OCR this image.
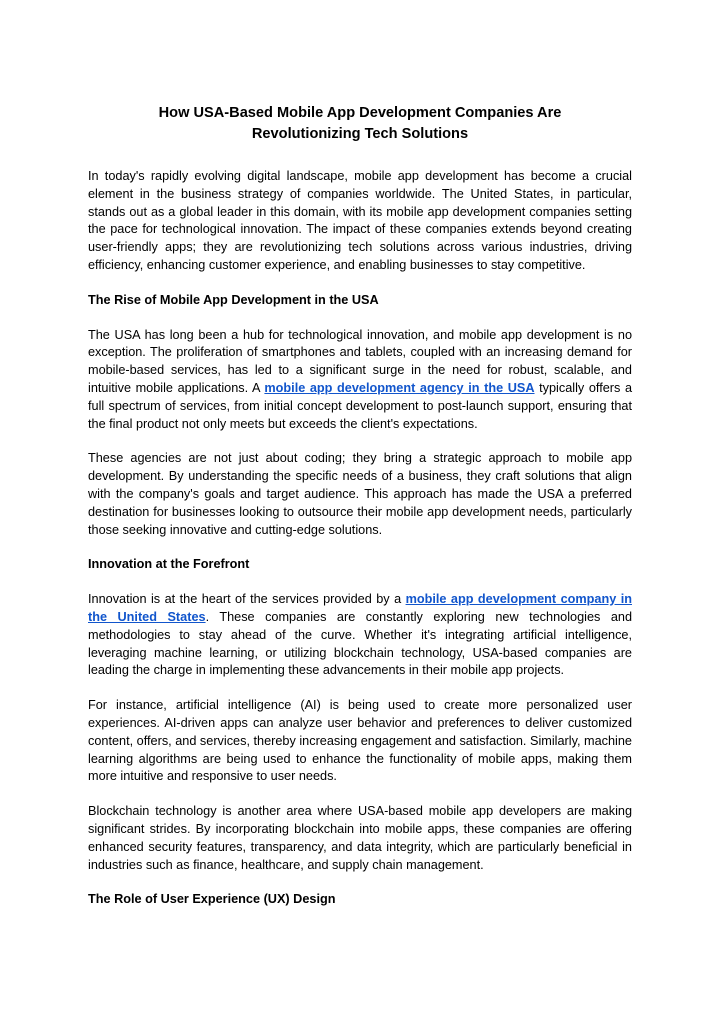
How USA-Based Mobile App Development Companies Are
Revolutionizing Tech Solutions

In today's rapidly evolving digital landscape, mobile app development has become a crucial element in the business strategy of companies worldwide. The United States, in particular, stands out as a global leader in this domain, with its mobile app development companies setting the pace for technological innovation. The impact of these companies extends beyond creating user-friendly apps; they are revolutionizing tech solutions across various industries, driving efficiency, enhancing customer experience, and enabling businesses to stay competitive.

The Rise of Mobile App Development in the USA

The USA has long been a hub for technological innovation, and mobile app development is no exception. The proliferation of smartphones and tablets, coupled with an increasing demand for mobile-based services, has led to a significant surge in the need for robust, scalable, and intuitive mobile applications. A mobile app development agency in the USA typically offers a full spectrum of services, from initial concept development to post-launch support, ensuring that the final product not only meets but exceeds the client's expectations.

These agencies are not just about coding; they bring a strategic approach to mobile app development. By understanding the specific needs of a business, they craft solutions that align with the company's goals and target audience. This approach has made the USA a preferred destination for businesses looking to outsource their mobile app development needs, particularly those seeking innovative and cutting-edge solutions.

Innovation at the Forefront

Innovation is at the heart of the services provided by a mobile app development company in the United States. These companies are constantly exploring new technologies and methodologies to stay ahead of the curve. Whether it's integrating artificial intelligence, leveraging machine learning, or utilizing blockchain technology, USA-based companies are leading the charge in implementing these advancements in their mobile app projects.

For instance, artificial intelligence (AI) is being used to create more personalized user experiences. AI-driven apps can analyze user behavior and preferences to deliver customized content, offers, and services, thereby increasing engagement and satisfaction. Similarly, machine learning algorithms are being used to enhance the functionality of mobile apps, making them more intuitive and responsive to user needs.

Blockchain technology is another area where USA-based mobile app developers are making significant strides. By incorporating blockchain into mobile apps, these companies are offering enhanced security features, transparency, and data integrity, which are particularly beneficial in industries such as finance, healthcare, and supply chain management.

The Role of User Experience (UX) Design
